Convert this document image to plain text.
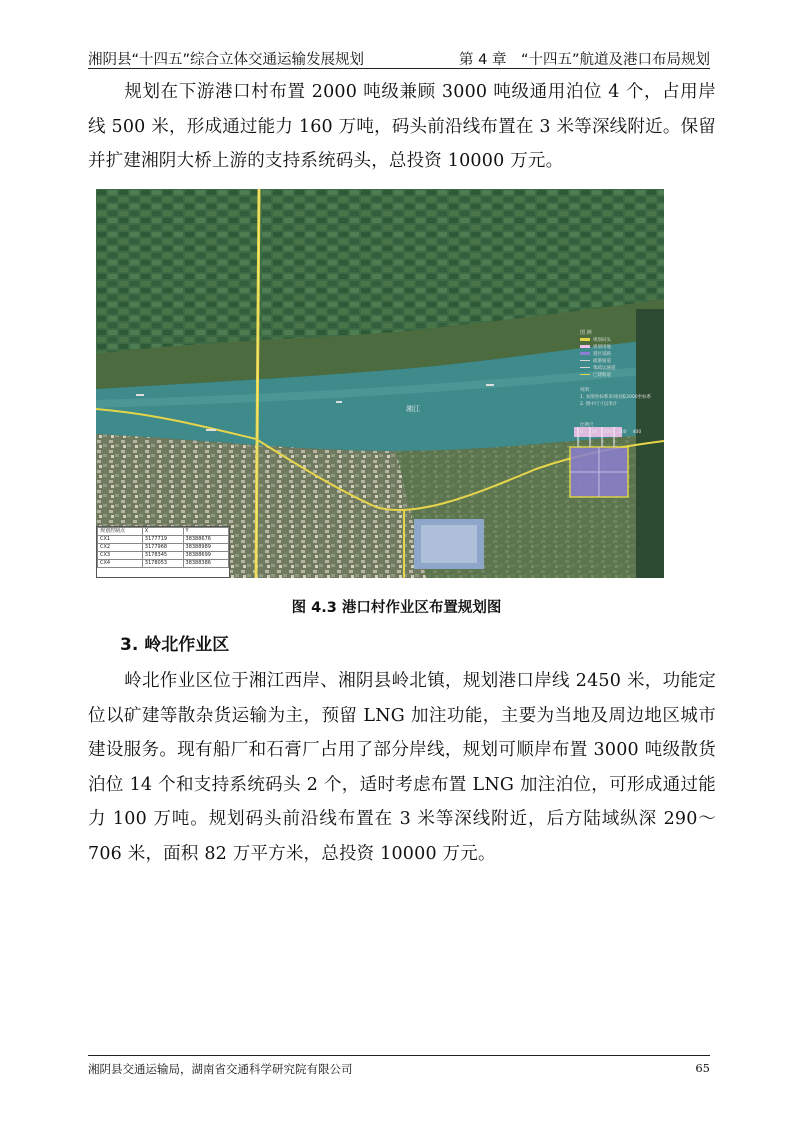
湘阴县“十四五”综合立体交通运输发展规划	第 4 章　“十四五”航道及港口布局规划

规划在下游港口村布置 2000 吨级兼顾 3000 吨级通用泊位 4 个，占用岸线 500 米，形成通过能力 160 万吨，码头前沿线布置在 3 米等深线附近。保留并扩建湘阴大桥上游的支持系统码头，总投资 10000 万元。

湘江
规划控制点	X	Y
CX1	3177719	38388676
CX2	3177968	38388989
CX3	3178345	38388699
CX4	3178053	38388386
图 例
规划码头
规划用地
港区道路
疏港通道
集疏运通道
已建航道
说明：
1. 本图坐标系采用国家2000坐标系
2. 图中尺寸以米计
比例尺
0 100 200 300 400
图 4.3 港口村作业区布置规划图
3. 岭北作业区

岭北作业区位于湘江西岸、湘阴县岭北镇，规划港口岸线 2450 米，功能定位以矿建等散杂货运输为主，预留 LNG 加注功能，主要为当地及周边地区城市建设服务。现有船厂和石膏厂占用了部分岸线，规划可顺岸布置 3000 吨级散货泊位 14 个和支持系统码头 2 个，适时考虑布置 LNG 加注泊位，可形成通过能力 100 万吨。规划码头前沿线布置在 3 米等深线附近，后方陆域纵深 290～706 米，面积 82 万平方米，总投资 10000 万元。

湘阴县交通运输局，湖南省交通科学研究院有限公司	65
